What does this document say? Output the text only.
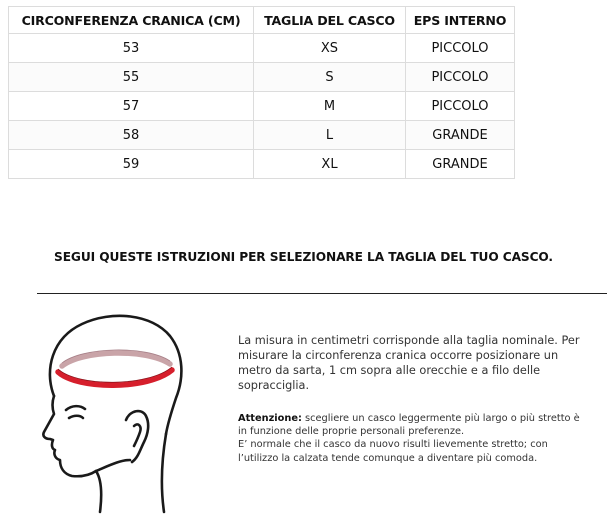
CIRCONFERENZA CRANICA (CM)	TAGLIA DEL CASCO	EPS INTERNO
53	XS	PICCOLO
55	S	PICCOLO
57	M	PICCOLO
58	L	GRANDE
59	XL	GRANDE
SEGUI QUESTE ISTRUZIONI PER SELEZIONARE LA TAGLIA DEL TUO CASCO.

La misura in centimetri corrisponde alla taglia nominale. Per misurare la circonferenza cranica occorre posizionare un metro da sarta, 1 cm sopra alle orecchie e a filo delle sopracciglia.

Attenzione: scegliere un casco leggermente più largo o più stretto è in funzione delle proprie personali preferenze.
E’ normale che il casco da nuovo risulti lievemente stretto; con l’utilizzo la calzata tende comunque a diventare più comoda.
